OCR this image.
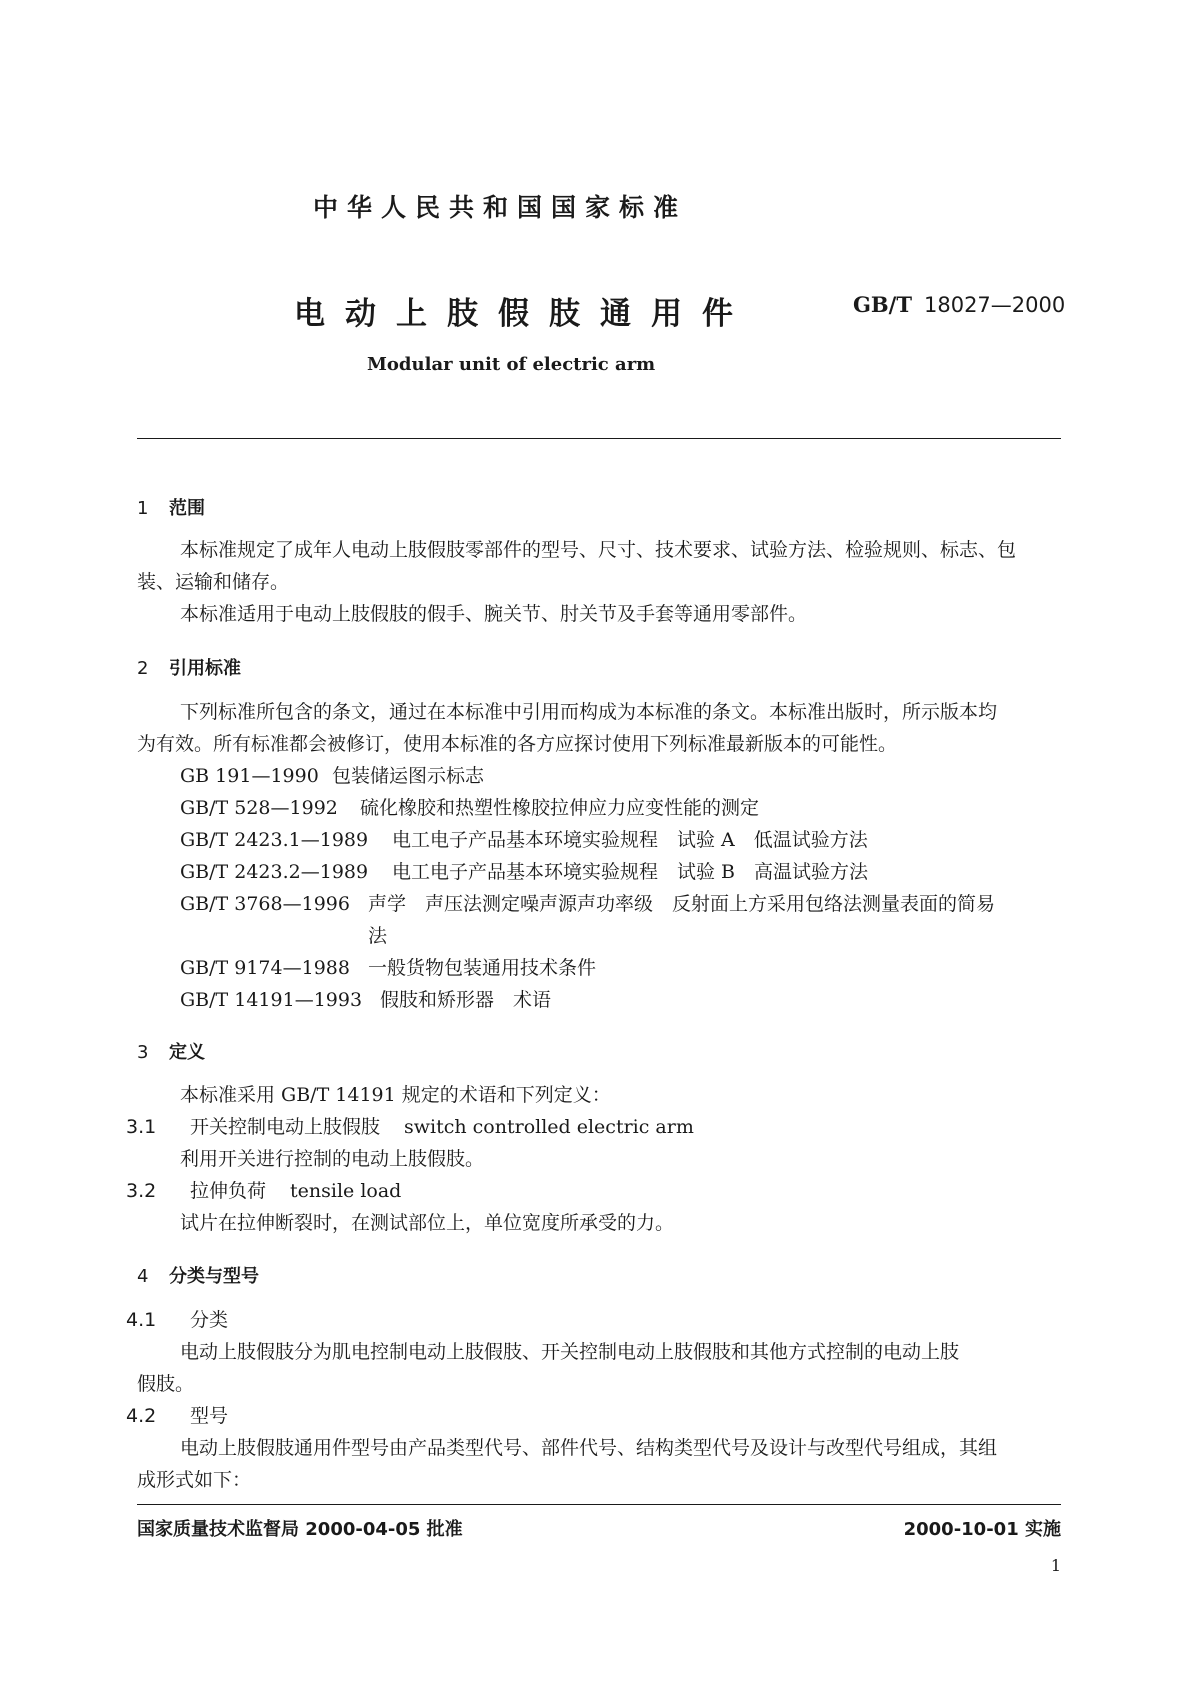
中华人民共和国国家标准
电动上肢假肢通用件	GB/T 18027—2000
Modular unit of electric arm
1 范围
本标准规定了成年人电动上肢假肢零部件的型号、尺寸、技术要求、试验方法、检验规则、标志、包
装、运输和储存。
本标准适用于电动上肢假肢的假手、腕关节、肘关节及手套等通用零部件。
2 引用标准
下列标准所包含的条文，通过在本标准中引用而构成为本标准的条文。本标准出版时，所示版本均
为有效。所有标准都会被修订，使用本标准的各方应探讨使用下列标准最新版本的可能性。
GB 191—1990 包装储运图示标志
GB/T 528—1992 硫化橡胶和热塑性橡胶拉伸应力应变性能的测定
GB/T 2423.1—1989 电工电子产品基本环境实验规程　试验 A　低温试验方法
GB/T 2423.2—1989 电工电子产品基本环境实验规程　试验 B　高温试验方法
GB/T 3768—1996 声学　声压法测定噪声源声功率级　反射面上方采用包络法测量表面的简易
法
GB/T 9174—1988 一般货物包装通用技术条件
GB/T 14191—1993 假肢和矫形器　术语
3 定义
本标准采用 GB/T 14191 规定的术语和下列定义：
3.1 开关控制电动上肢假肢 switch controlled electric arm
利用开关进行控制的电动上肢假肢。
3.2 拉伸负荷 tensile load
试片在拉伸断裂时，在测试部位上，单位宽度所承受的力。
4 分类与型号
4.1 分类
电动上肢假肢分为肌电控制电动上肢假肢、开关控制电动上肢假肢和其他方式控制的电动上肢
假肢。
4.2 型号
电动上肢假肢通用件型号由产品类型代号、部件代号、结构类型代号及设计与改型代号组成，其组
成形式如下：
国家质量技术监督局 2000-04-05 批准	2000-10-01 实施
1
